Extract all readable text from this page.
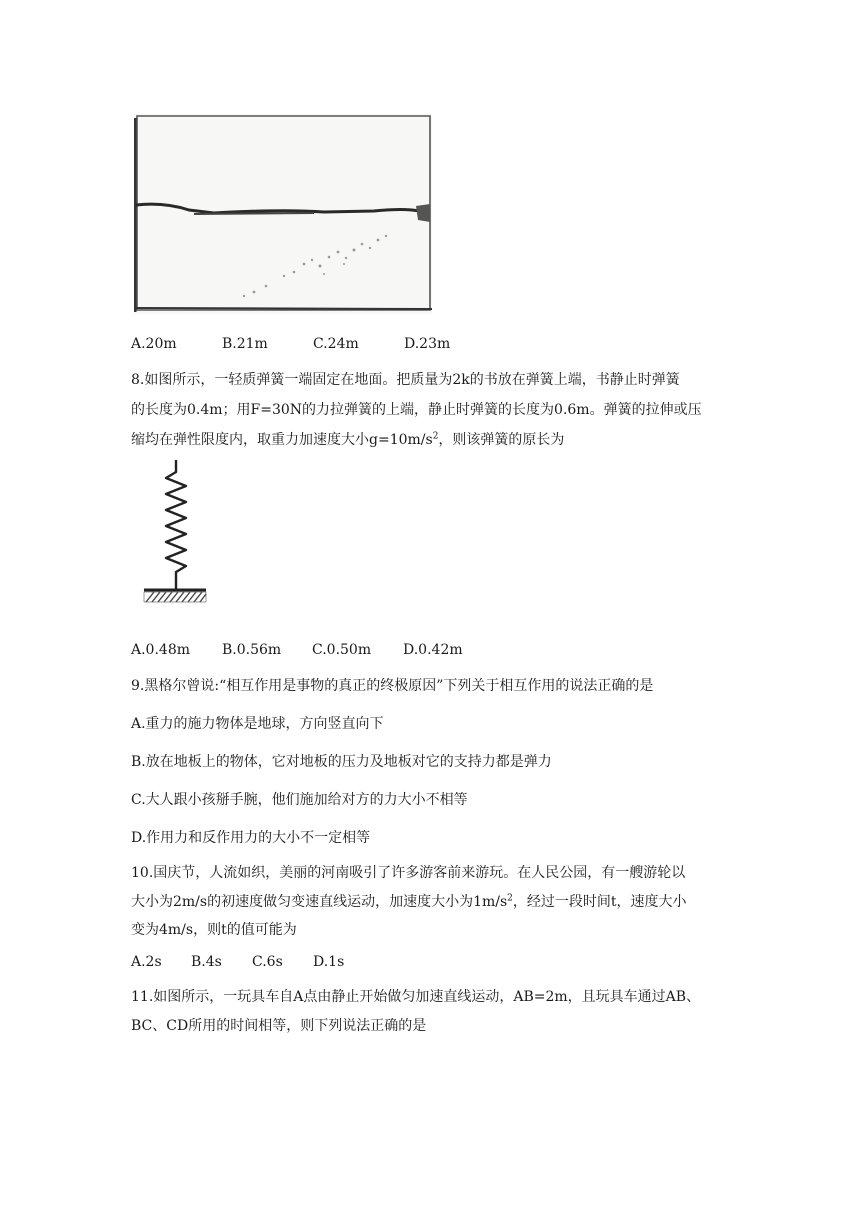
A.20m	B.21m	C.24m	D.23m
8.如图所示，一轻质弹簧一端固定在地面。把质量为2k的书放在弹簧上端，书静止时弹簧
的长度为0.4m；用F=30N的力拉弹簧的上端，静止时弹簧的长度为0.6m。弹簧的拉伸或压
缩均在弹性限度内，取重力加速度大小$g=10m/s^2$，则该弹簧的原长为
A.0.48m B.0.56m C.0.50m D.0.42m
9.黑格尔曾说:“相互作用是事物的真正的终极原因”下列关于相互作用的说法正确的是
A.重力的施力物体是地球，方向竖直向下
B.放在地板上的物体，它对地板的压力及地板对它的支持力都是弹力
C.大人跟小孩掰手腕，他们施加给对方的力大小不相等
D.作用力和反作用力的大小不一定相等
10.国庆节，人流如织，美丽的河南吸引了许多游客前来游玩。在人民公园，有一艘游轮以
大小为2m/s的初速度做匀变速直线运动，加速度大小为$1m/s^2$，经过一段时间t，速度大小
变为4m/s，则t的值可能为
A.2s B.4s C.6s D.1s
11.如图所示，一玩具车自A点由静止开始做匀加速直线运动，AB=2m，且玩具车通过AB、
BC、CD所用的时间相等，则下列说法正确的是
